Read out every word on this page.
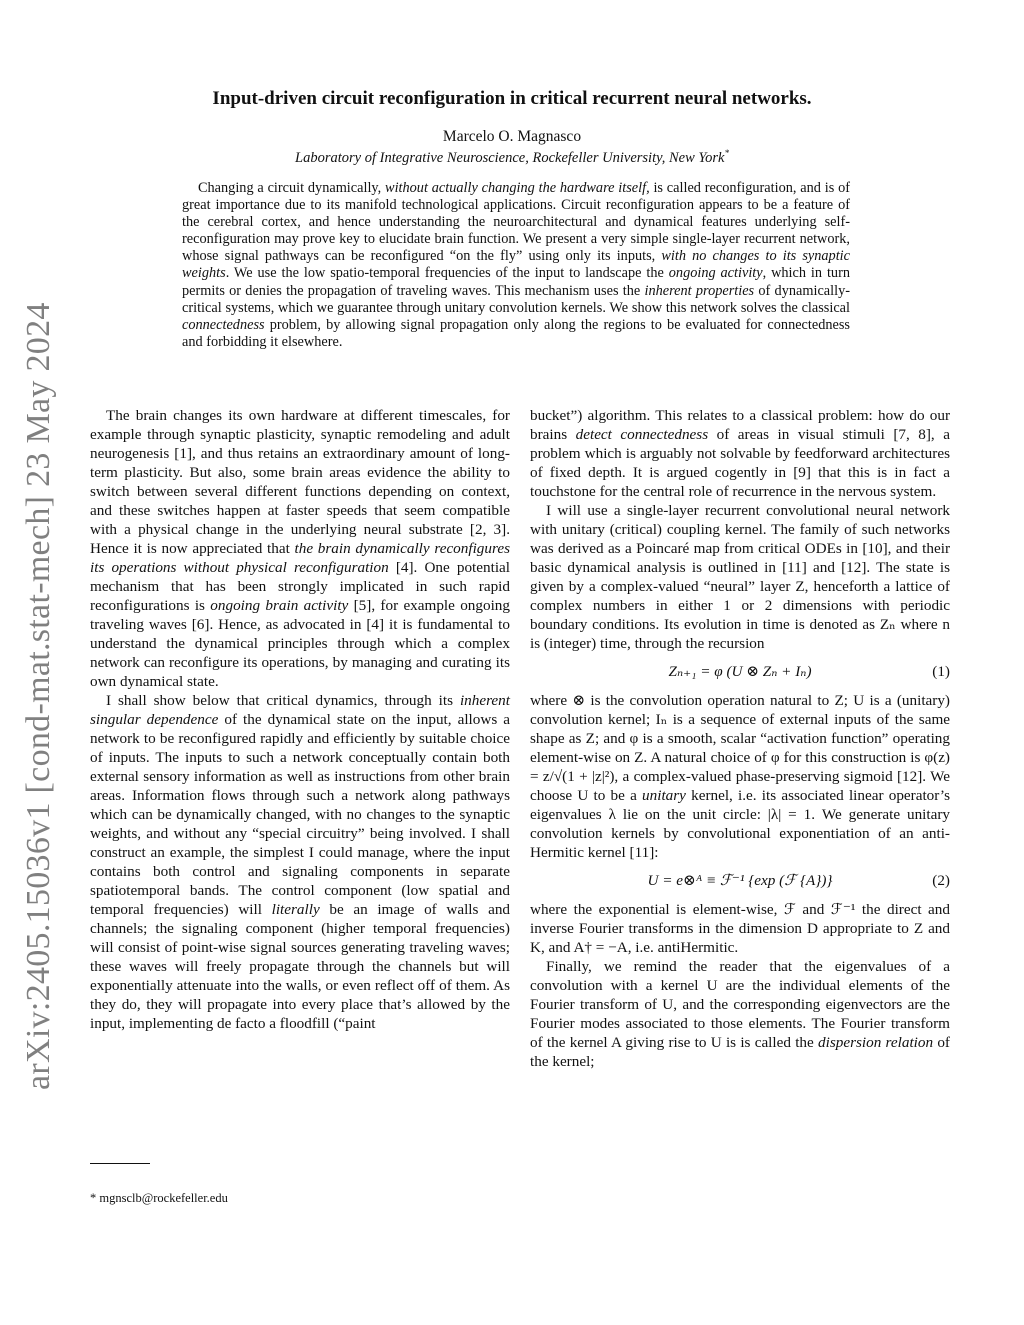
arXiv:2405.15036v1 [cond-mat.stat-mech] 23 May 2024
Input-driven circuit reconfiguration in critical recurrent neural networks.
Marcelo O. Magnasco
Laboratory of Integrative Neuroscience, Rockefeller University, New York*
Changing a circuit dynamically, without actually changing the hardware itself, is called reconfiguration, and is of great importance due to its manifold technological applications. Circuit reconfiguration appears to be a feature of the cerebral cortex, and hence understanding the neuroarchitectural and dynamical features underlying self-reconfiguration may prove key to elucidate brain function. We present a very simple single-layer recurrent network, whose signal pathways can be reconfigured “on the fly” using only its inputs, with no changes to its synaptic weights. We use the low spatio-temporal frequencies of the input to landscape the ongoing activity, which in turn permits or denies the propagation of traveling waves. This mechanism uses the inherent properties of dynamically-critical systems, which we guarantee through unitary convolution kernels. We show this network solves the classical connectedness problem, by allowing signal propagation only along the regions to be evaluated for connectedness and forbidding it elsewhere.

The brain changes its own hardware at different timescales, for example through synaptic plasticity, synaptic remodeling and adult neurogenesis [1], and thus retains an extraordinary amount of long-term plasticity. But also, some brain areas evidence the ability to switch between several different functions depending on context, and these switches happen at faster speeds that seem compatible with a physical change in the underlying neural substrate [2, 3]. Hence it is now appreciated that the brain dynamically reconfigures its operations without physical reconfiguration [4]. One potential mechanism that has been strongly implicated in such rapid reconfigurations is ongoing brain activity [5], for example ongoing traveling waves [6]. Hence, as advocated in [4] it is fundamental to understand the dynamical principles through which a complex network can reconfigure its operations, by managing and curating its own dynamical state.

I shall show below that critical dynamics, through its inherent singular dependence of the dynamical state on the input, allows a network to be reconfigured rapidly and efficiently by suitable choice of inputs. The inputs to such a network conceptually contain both external sensory information as well as instructions from other brain areas. Information flows through such a network along pathways which can be dynamically changed, with no changes to the synaptic weights, and without any “special circuitry” being involved. I shall construct an example, the simplest I could manage, where the input contains both control and signaling components in separate spatiotemporal bands. The control component (low spatial and temporal frequencies) will literally be an image of walls and channels; the signaling component (higher temporal frequencies) will consist of point-wise signal sources generating traveling waves; these waves will freely propagate through the channels but will exponentially attenuate into the walls, or even reflect off of them. As they do, they will propagate into every place that’s allowed by the input, implementing de facto a floodfill (“paint

bucket”) algorithm. This relates to a classical problem: how do our brains detect connectedness of areas in visual stimuli [7, 8], a problem which is arguably not solvable by feedforward architectures of fixed depth. It is argued cogently in [9] that this is in fact a touchstone for the central role of recurrence in the nervous system.

I will use a single-layer recurrent convolutional neural network with unitary (critical) coupling kernel. The family of such networks was derived as a Poincaré map from critical ODEs in [10], and their basic dynamical analysis is outlined in [11] and [12]. The state is given by a complex-valued “neural” layer Z, henceforth a lattice of complex numbers in either 1 or 2 dimensions with periodic boundary conditions. Its evolution in time is denoted as Zₙ where n is (integer) time, through the recursion

Zₙ₊₁ = φ (U ⊗ Zₙ + Iₙ)	(1)

where ⊗ is the convolution operation natural to Z; U is a (unitary) convolution kernel; Iₙ is a sequence of external inputs of the same shape as Z; and φ is a smooth, scalar “activation function” operating element-wise on Z. A natural choice of φ for this construction is φ(z) = z/√(1 + |z|²), a complex-valued phase-preserving sigmoid [12]. We choose U to be a unitary kernel, i.e. its associated linear operator’s eigenvalues λ lie on the unit circle: |λ| = 1. We generate unitary convolution kernels by convolutional exponentiation of an anti-Hermitic kernel [11]:

U = e⊗ᴬ ≡ ℱ⁻¹ {exp (ℱ {A})}	(2)

where the exponential is element-wise, ℱ and ℱ⁻¹ the direct and inverse Fourier transforms in the dimension D appropriate to Z and K, and A† = −A, i.e. antiHermitic.

Finally, we remind the reader that the eigenvalues of a convolution with a kernel U are the individual elements of the Fourier transform of U, and the corresponding eigenvectors are the Fourier modes associated to those elements. The Fourier transform of the kernel A giving rise to U is is called the dispersion relation of the kernel;

* mgnsclb@rockefeller.edu
